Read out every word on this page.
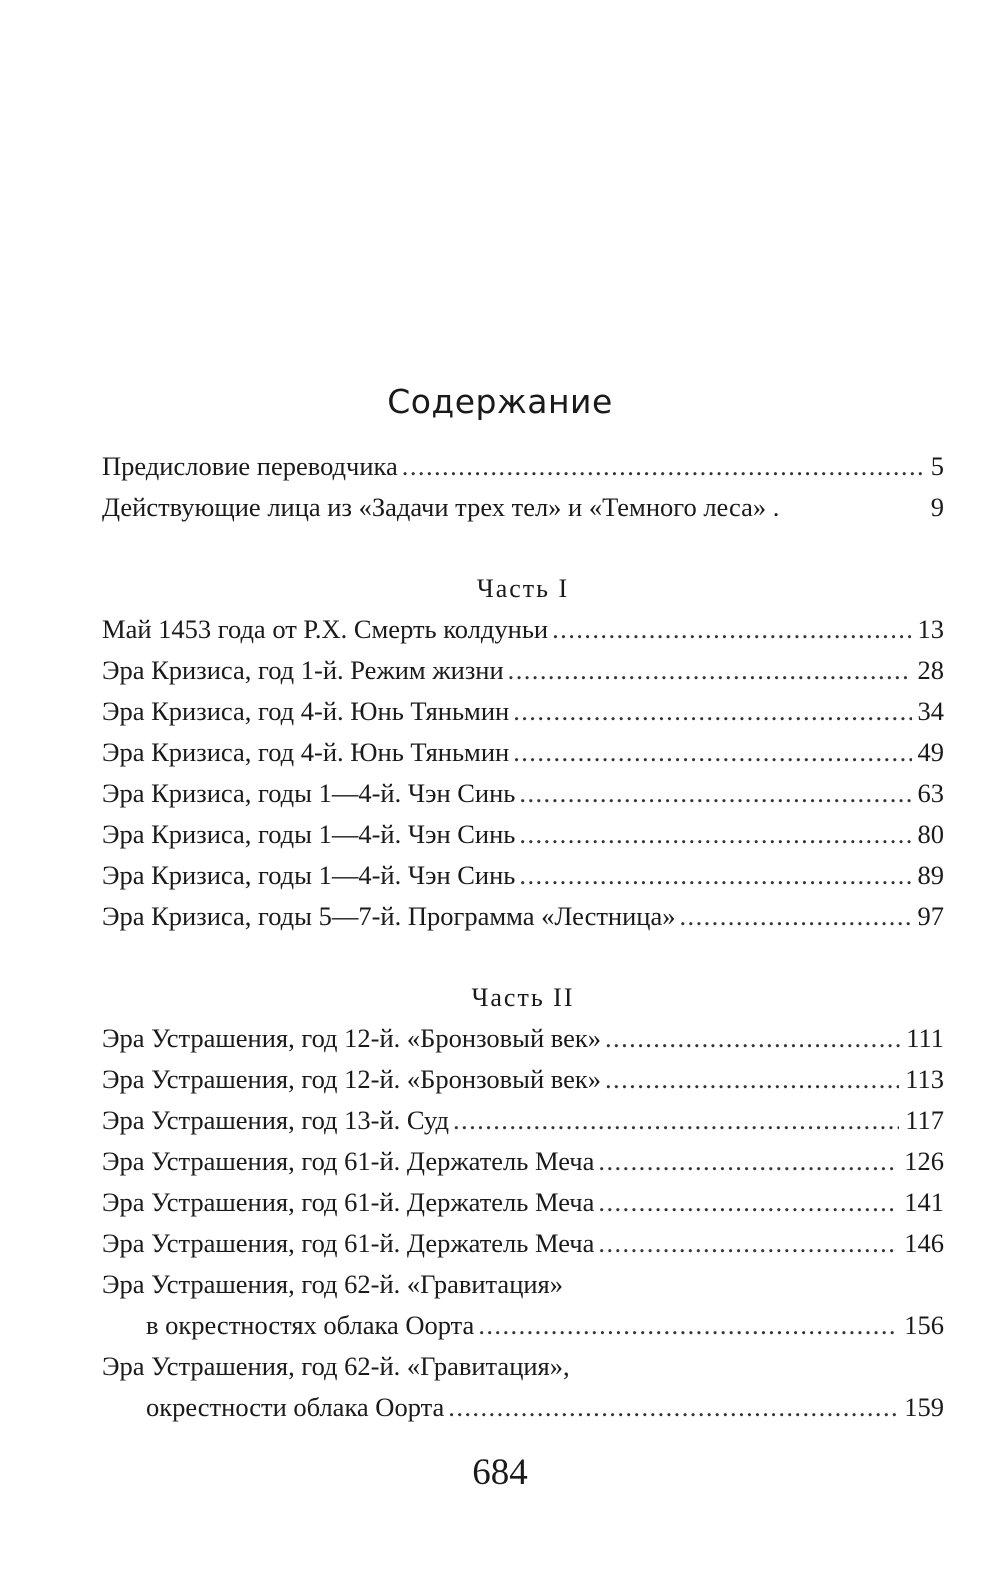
Содержание
Предисловие переводчика . . .	5
Действующие лица из «Задачи трех тел» и «Темного леса» .	9
Часть I
Май 1453 года от Р.Х. Смерть колдуньи . . .	13
Эра Кризиса, год 1-й. Режим жизни . . .	28
Эра Кризиса, год 4-й. Юнь Тяньмин . . .	34
Эра Кризиса, год 4-й. Юнь Тяньмин . . .	49
Эра Кризиса, годы 1—4-й. Чэн Синь . . .	63
Эра Кризиса, годы 1—4-й. Чэн Синь . . .	80
Эра Кризиса, годы 1—4-й. Чэн Синь . . .	89
Эра Кризиса, годы 5—7-й. Программа «Лестница» . . .	97
Часть II
Эра Устрашения, год 12-й. «Бронзовый век» . . .	111
Эра Устрашения, год 12-й. «Бронзовый век» . . .	113
Эра Устрашения, год 13-й. Суд . . .	117
Эра Устрашения, год 61-й. Держатель Меча . . .	126
Эра Устрашения, год 61-й. Держатель Меча . . .	141
Эра Устрашения, год 61-й. Держатель Меча . . .	146
Эра Устрашения, год 62-й. «Гравитация»
в окрестностях облака Оорта . . .	156
Эра Устрашения, год 62-й. «Гравитация»,
окрестности облака Оорта . . .	159
684
